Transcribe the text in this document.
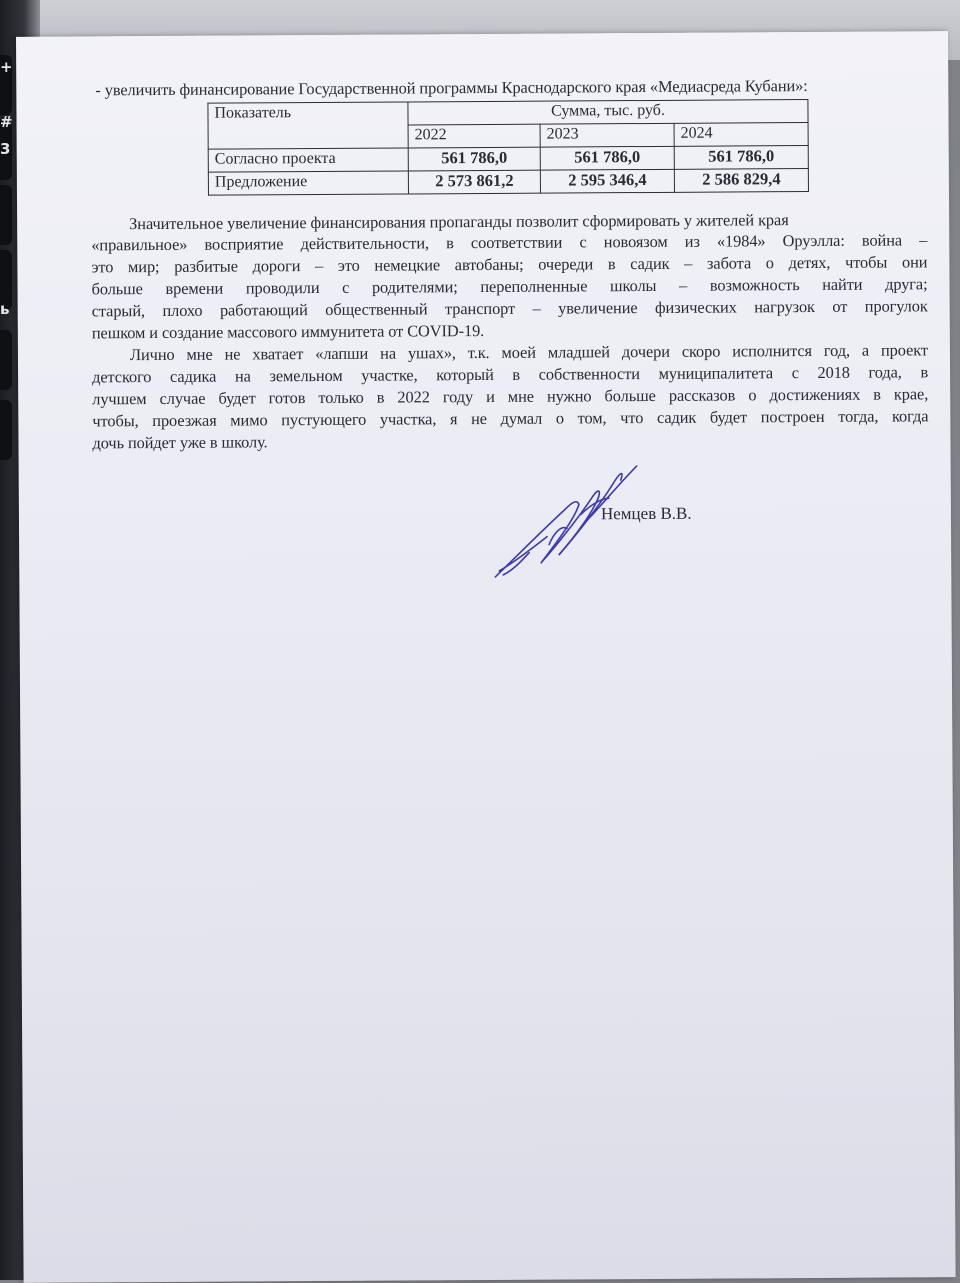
+
#
3
ь
- увеличить финансирование Государственной программы Краснодарского края «Медиасреда Кубани»:
Показатель	Сумма, тыс. руб.		
	2022	2023	2024
Согласно проекта	561 786,0	561 786,0	561 786,0
Предложение	2 573 861,2	2 595 346,4	2 586 829,4
Значительное увеличение финансирования пропаганды позволит сформировать у жителей края
«правильное» восприятие действительности, в соответствии с новоязом из «1984» Оруэлла: война –
это мир; разбитые дороги – это немецкие автобаны; очереди в садик – забота о детях, чтобы они
больше времени проводили с родителями; переполненные школы – возможность найти друга;
старый, плохо работающий общественный транспорт – увеличение физических нагрузок от прогулок
пешком и создание массового иммунитета от COVID-19.
Лично мне не хватает «лапши на ушах», т.к. моей младшей дочери скоро исполнится год, а проект
детского садика на земельном участке, который в собственности муниципалитета с 2018 года, в
лучшем случае будет готов только в 2022 году и мне нужно больше рассказов о достижениях в крае,
чтобы, проезжая мимо пустующего участка, я не думал о том, что садик будет построен тогда, когда
дочь пойдет уже в школу.
Немцев В.В.
